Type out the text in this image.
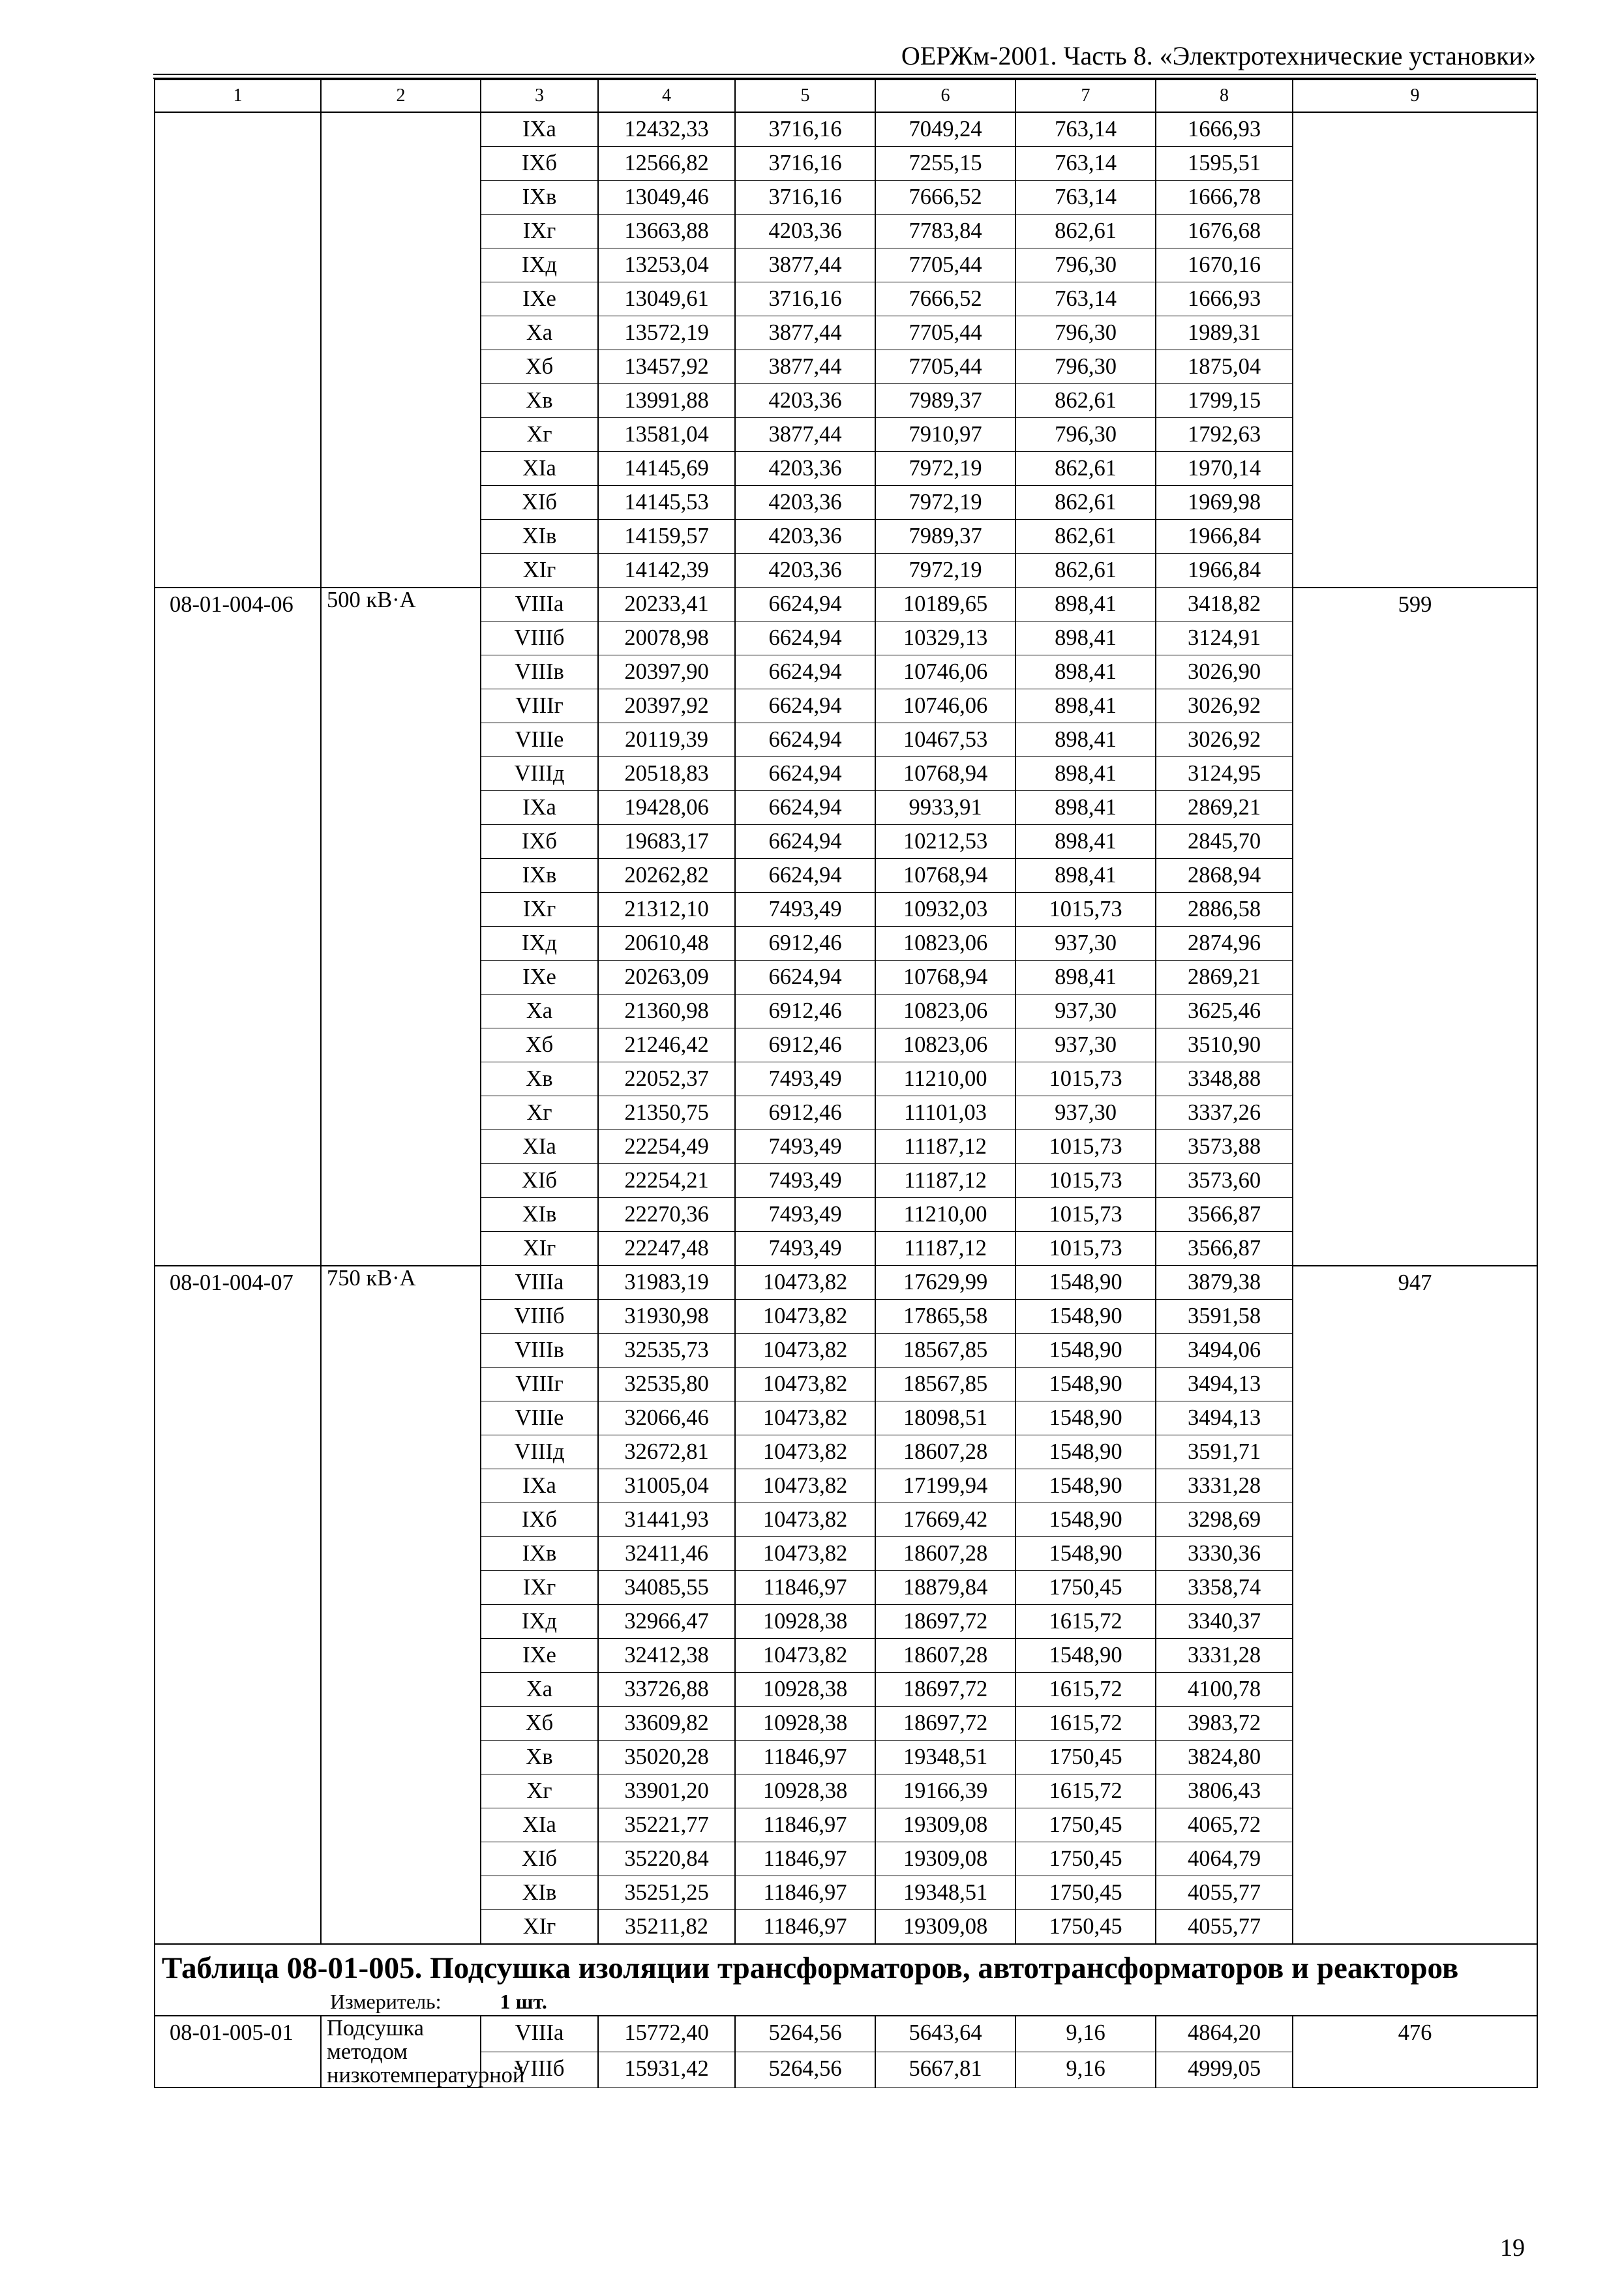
ОЕРЖм-2001. Часть 8. «Электротехнические установки»
1	2	3	4	5	6	7	8	9
		IXа	12432,33	3716,16	7049,24	763,14	1666,93	
		IXб	12566,82	3716,16	7255,15	763,14	1595,51	
		IXв	13049,46	3716,16	7666,52	763,14	1666,78	
		IXг	13663,88	4203,36	7783,84	862,61	1676,68	
		IXд	13253,04	3877,44	7705,44	796,30	1670,16	
		IXе	13049,61	3716,16	7666,52	763,14	1666,93	
		Xа	13572,19	3877,44	7705,44	796,30	1989,31	
		Xб	13457,92	3877,44	7705,44	796,30	1875,04	
		Xв	13991,88	4203,36	7989,37	862,61	1799,15	
		Xг	13581,04	3877,44	7910,97	796,30	1792,63	
		XIа	14145,69	4203,36	7972,19	862,61	1970,14	
		XIб	14145,53	4203,36	7972,19	862,61	1969,98	
		XIв	14159,57	4203,36	7989,37	862,61	1966,84	
		XIг	14142,39	4203,36	7972,19	862,61	1966,84	
08-01-004-06	500 кВ·А	VIIIа	20233,41	6624,94	10189,65	898,41	3418,82	599
		VIIIб	20078,98	6624,94	10329,13	898,41	3124,91	
		VIIIв	20397,90	6624,94	10746,06	898,41	3026,90	
		VIIIг	20397,92	6624,94	10746,06	898,41	3026,92	
		VIIIе	20119,39	6624,94	10467,53	898,41	3026,92	
		VIIIд	20518,83	6624,94	10768,94	898,41	3124,95	
		IXа	19428,06	6624,94	9933,91	898,41	2869,21	
		IXб	19683,17	6624,94	10212,53	898,41	2845,70	
		IXв	20262,82	6624,94	10768,94	898,41	2868,94	
		IXг	21312,10	7493,49	10932,03	1015,73	2886,58	
		IXд	20610,48	6912,46	10823,06	937,30	2874,96	
		IXе	20263,09	6624,94	10768,94	898,41	2869,21	
		Xа	21360,98	6912,46	10823,06	937,30	3625,46	
		Xб	21246,42	6912,46	10823,06	937,30	3510,90	
		Xв	22052,37	7493,49	11210,00	1015,73	3348,88	
		Xг	21350,75	6912,46	11101,03	937,30	3337,26	
		XIа	22254,49	7493,49	11187,12	1015,73	3573,88	
		XIб	22254,21	7493,49	11187,12	1015,73	3573,60	
		XIв	22270,36	7493,49	11210,00	1015,73	3566,87	
		XIг	22247,48	7493,49	11187,12	1015,73	3566,87	
08-01-004-07	750 кВ·А	VIIIа	31983,19	10473,82	17629,99	1548,90	3879,38	947
		VIIIб	31930,98	10473,82	17865,58	1548,90	3591,58	
		VIIIв	32535,73	10473,82	18567,85	1548,90	3494,06	
		VIIIг	32535,80	10473,82	18567,85	1548,90	3494,13	
		VIIIе	32066,46	10473,82	18098,51	1548,90	3494,13	
		VIIIд	32672,81	10473,82	18607,28	1548,90	3591,71	
		IXа	31005,04	10473,82	17199,94	1548,90	3331,28	
		IXб	31441,93	10473,82	17669,42	1548,90	3298,69	
		IXв	32411,46	10473,82	18607,28	1548,90	3330,36	
		IXг	34085,55	11846,97	18879,84	1750,45	3358,74	
		IXд	32966,47	10928,38	18697,72	1615,72	3340,37	
		IXе	32412,38	10473,82	18607,28	1548,90	3331,28	
		Xа	33726,88	10928,38	18697,72	1615,72	4100,78	
		Xб	33609,82	10928,38	18697,72	1615,72	3983,72	
		Xв	35020,28	11846,97	19348,51	1750,45	3824,80	
		Xг	33901,20	10928,38	19166,39	1615,72	3806,43	
		XIа	35221,77	11846,97	19309,08	1750,45	4065,72	
		XIб	35220,84	11846,97	19309,08	1750,45	4064,79	
		XIв	35251,25	11846,97	19348,51	1750,45	4055,77	
		XIг	35211,82	11846,97	19309,08	1750,45	4055,77	

Таблица 08-01-005. Подсушка изоляции трансформаторов, автотрансформаторов и реакторов
Измеритель: 1 шт.								

08-01-005-01	Подсушка методом низкотемпературной	VIIIа	15772,40	5264,56	5643,64	9,16	4864,20	476
		VIIIб	15931,42	5264,56	5667,81	9,16	4999,05	
19
